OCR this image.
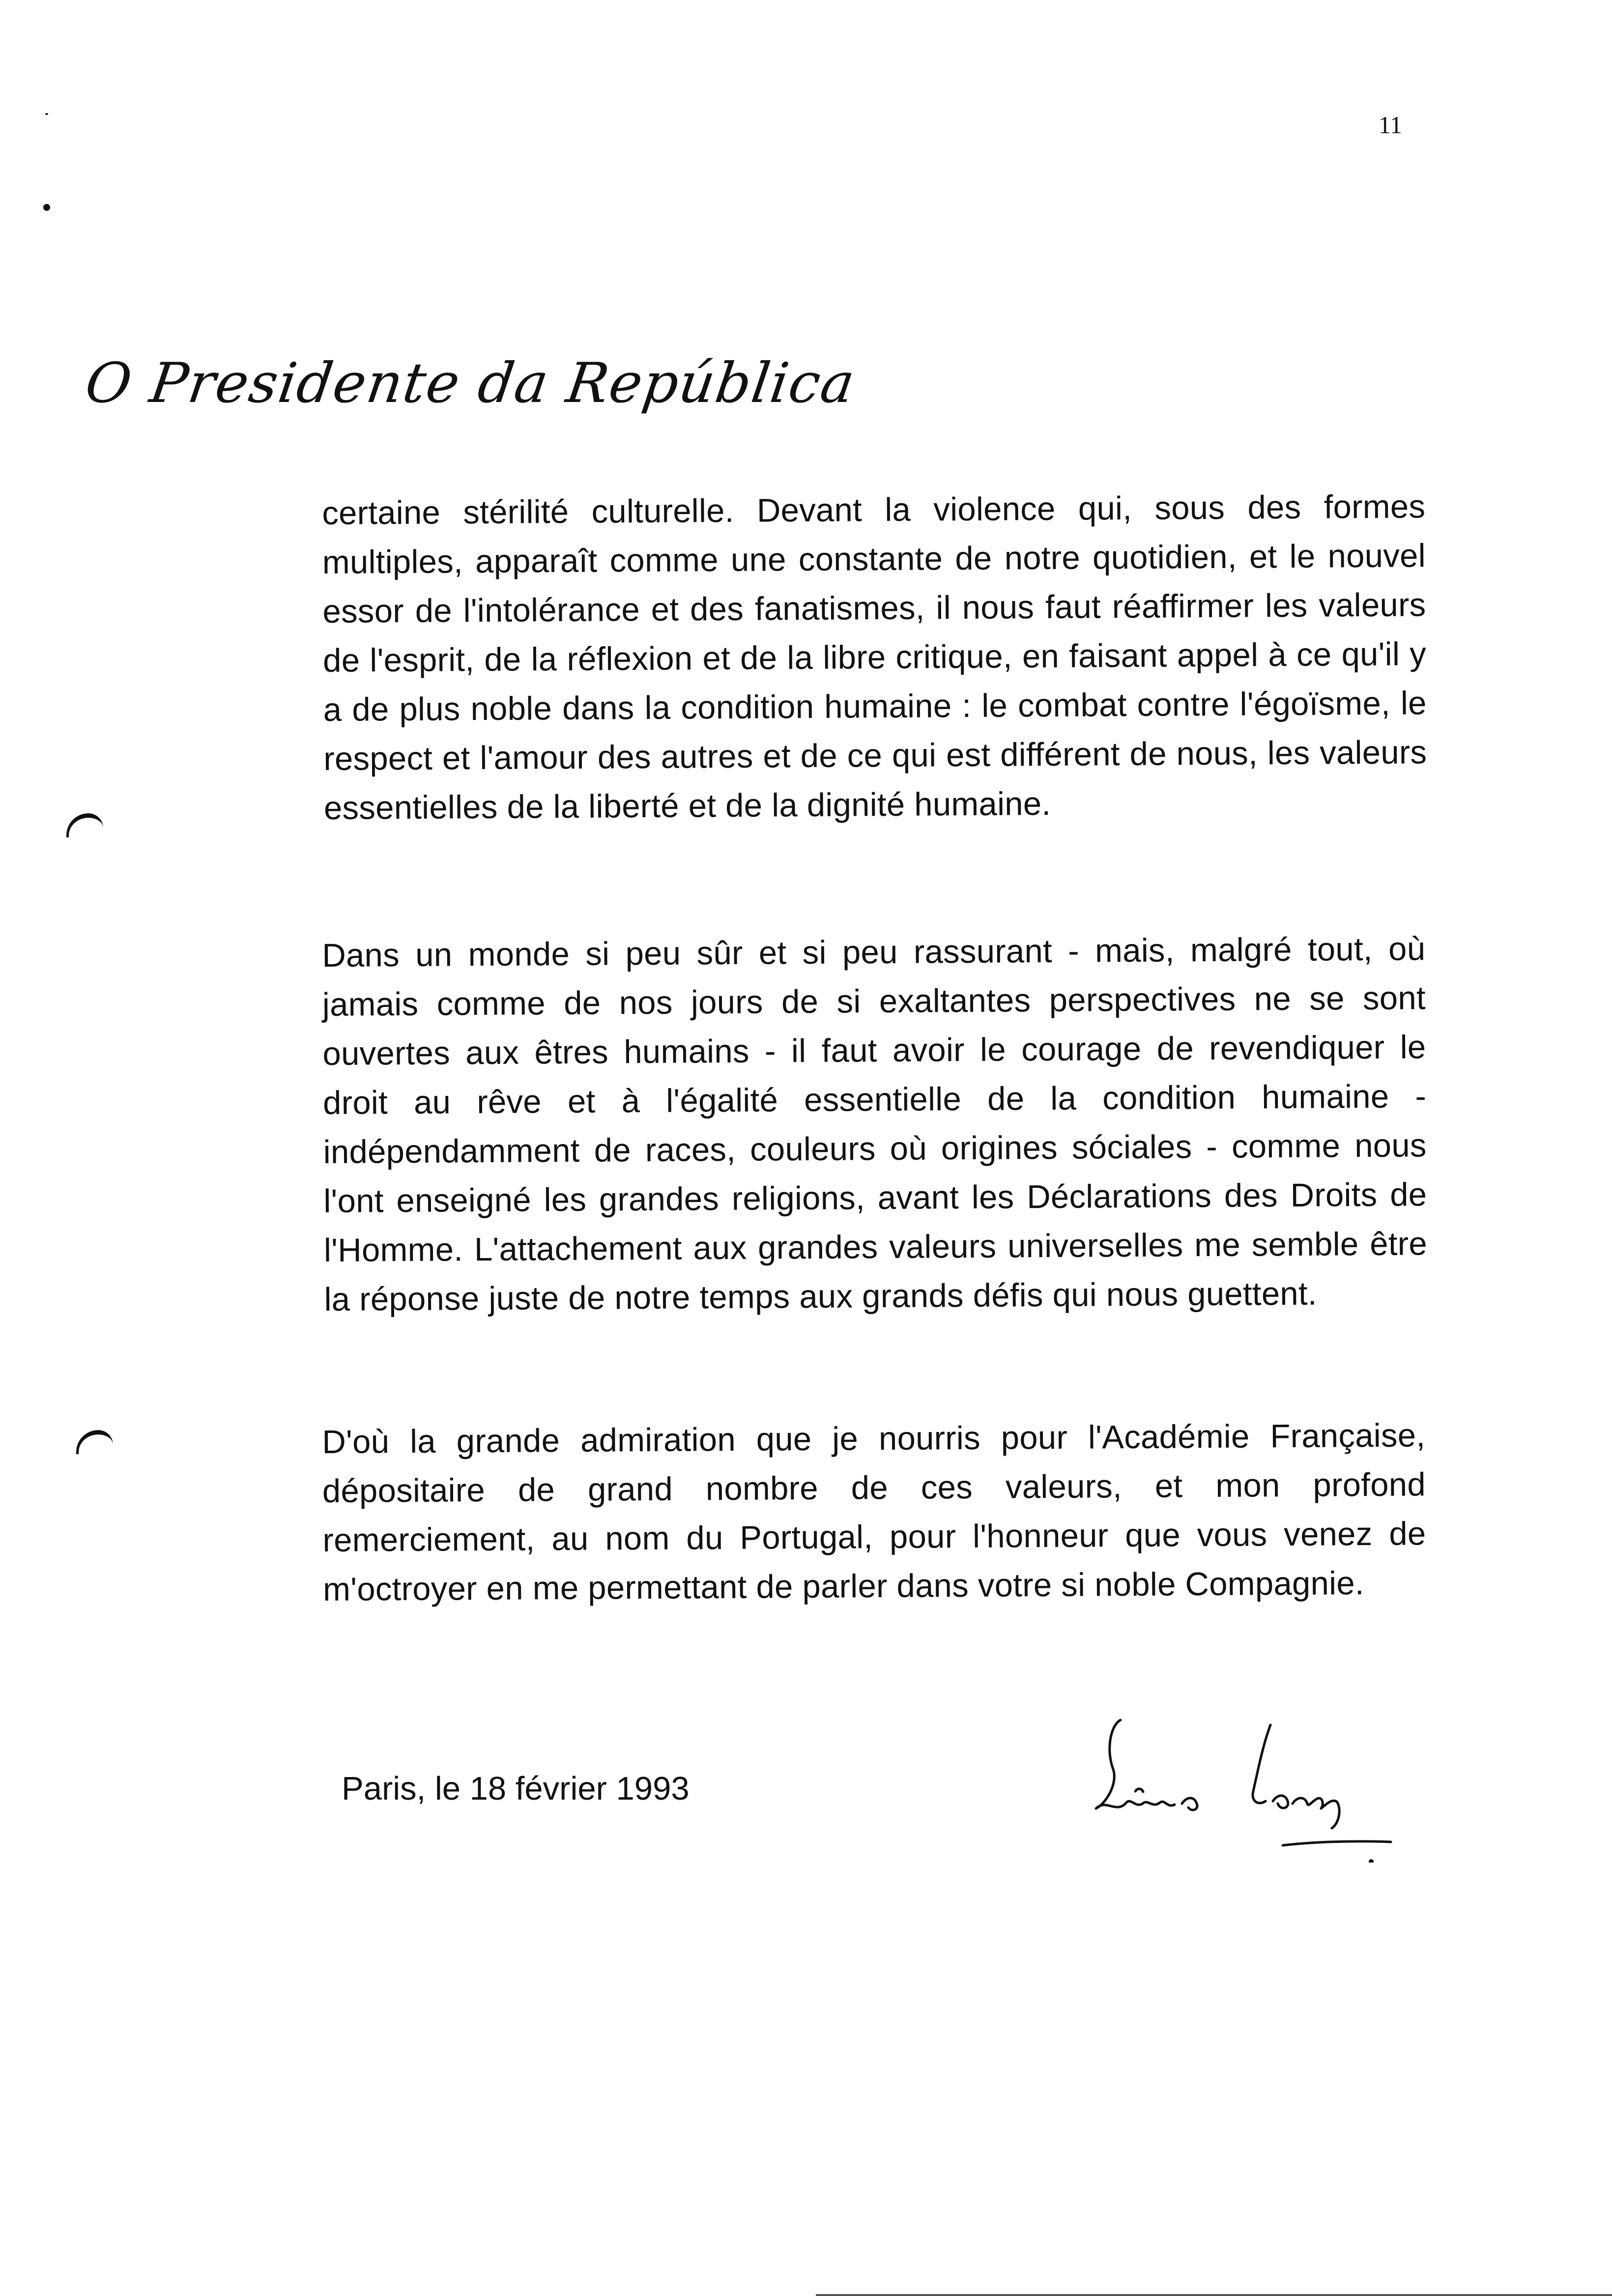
11
O Presidente da República
certaine stérilité culturelle. Devant la violence qui, sous des formes multiples, apparaît comme une constante de notre quotidien, et le nouvel essor de l'intolérance et des fanatismes, il nous faut réaffirmer les valeurs de l'esprit, de la réflexion et de la libre critique, en faisant appel à ce qu'il y a de plus noble dans la condition humaine : le combat contre l'égoïsme, le respect et l'amour des autres et de ce qui est différent de nous, les valeurs essentielles de la liberté et de la dignité humaine.
Dans un monde si peu sûr et si peu rassurant - mais, malgré tout, où jamais comme de nos jours de si exaltantes perspectives ne se sont ouvertes aux êtres humains - il faut avoir le courage de revendiquer le droit au rêve et à l'égalité essentielle de la condition humaine - indépendamment de races, couleurs où origines sóciales - comme nous l'ont enseigné les grandes religions, avant les Déclarations des Droits de l'Homme. L'attachement aux grandes valeurs universelles me semble être la réponse juste de notre temps aux grands défis qui nous guettent.
D'où la grande admiration que je nourris pour l'Académie Française, dépositaire de grand nombre de ces valeurs, et mon profond remerciement, au nom du Portugal, pour l'honneur que vous venez de m'octroyer en me permettant de parler dans votre si noble Compagnie.
Paris, le 18 février 1993
